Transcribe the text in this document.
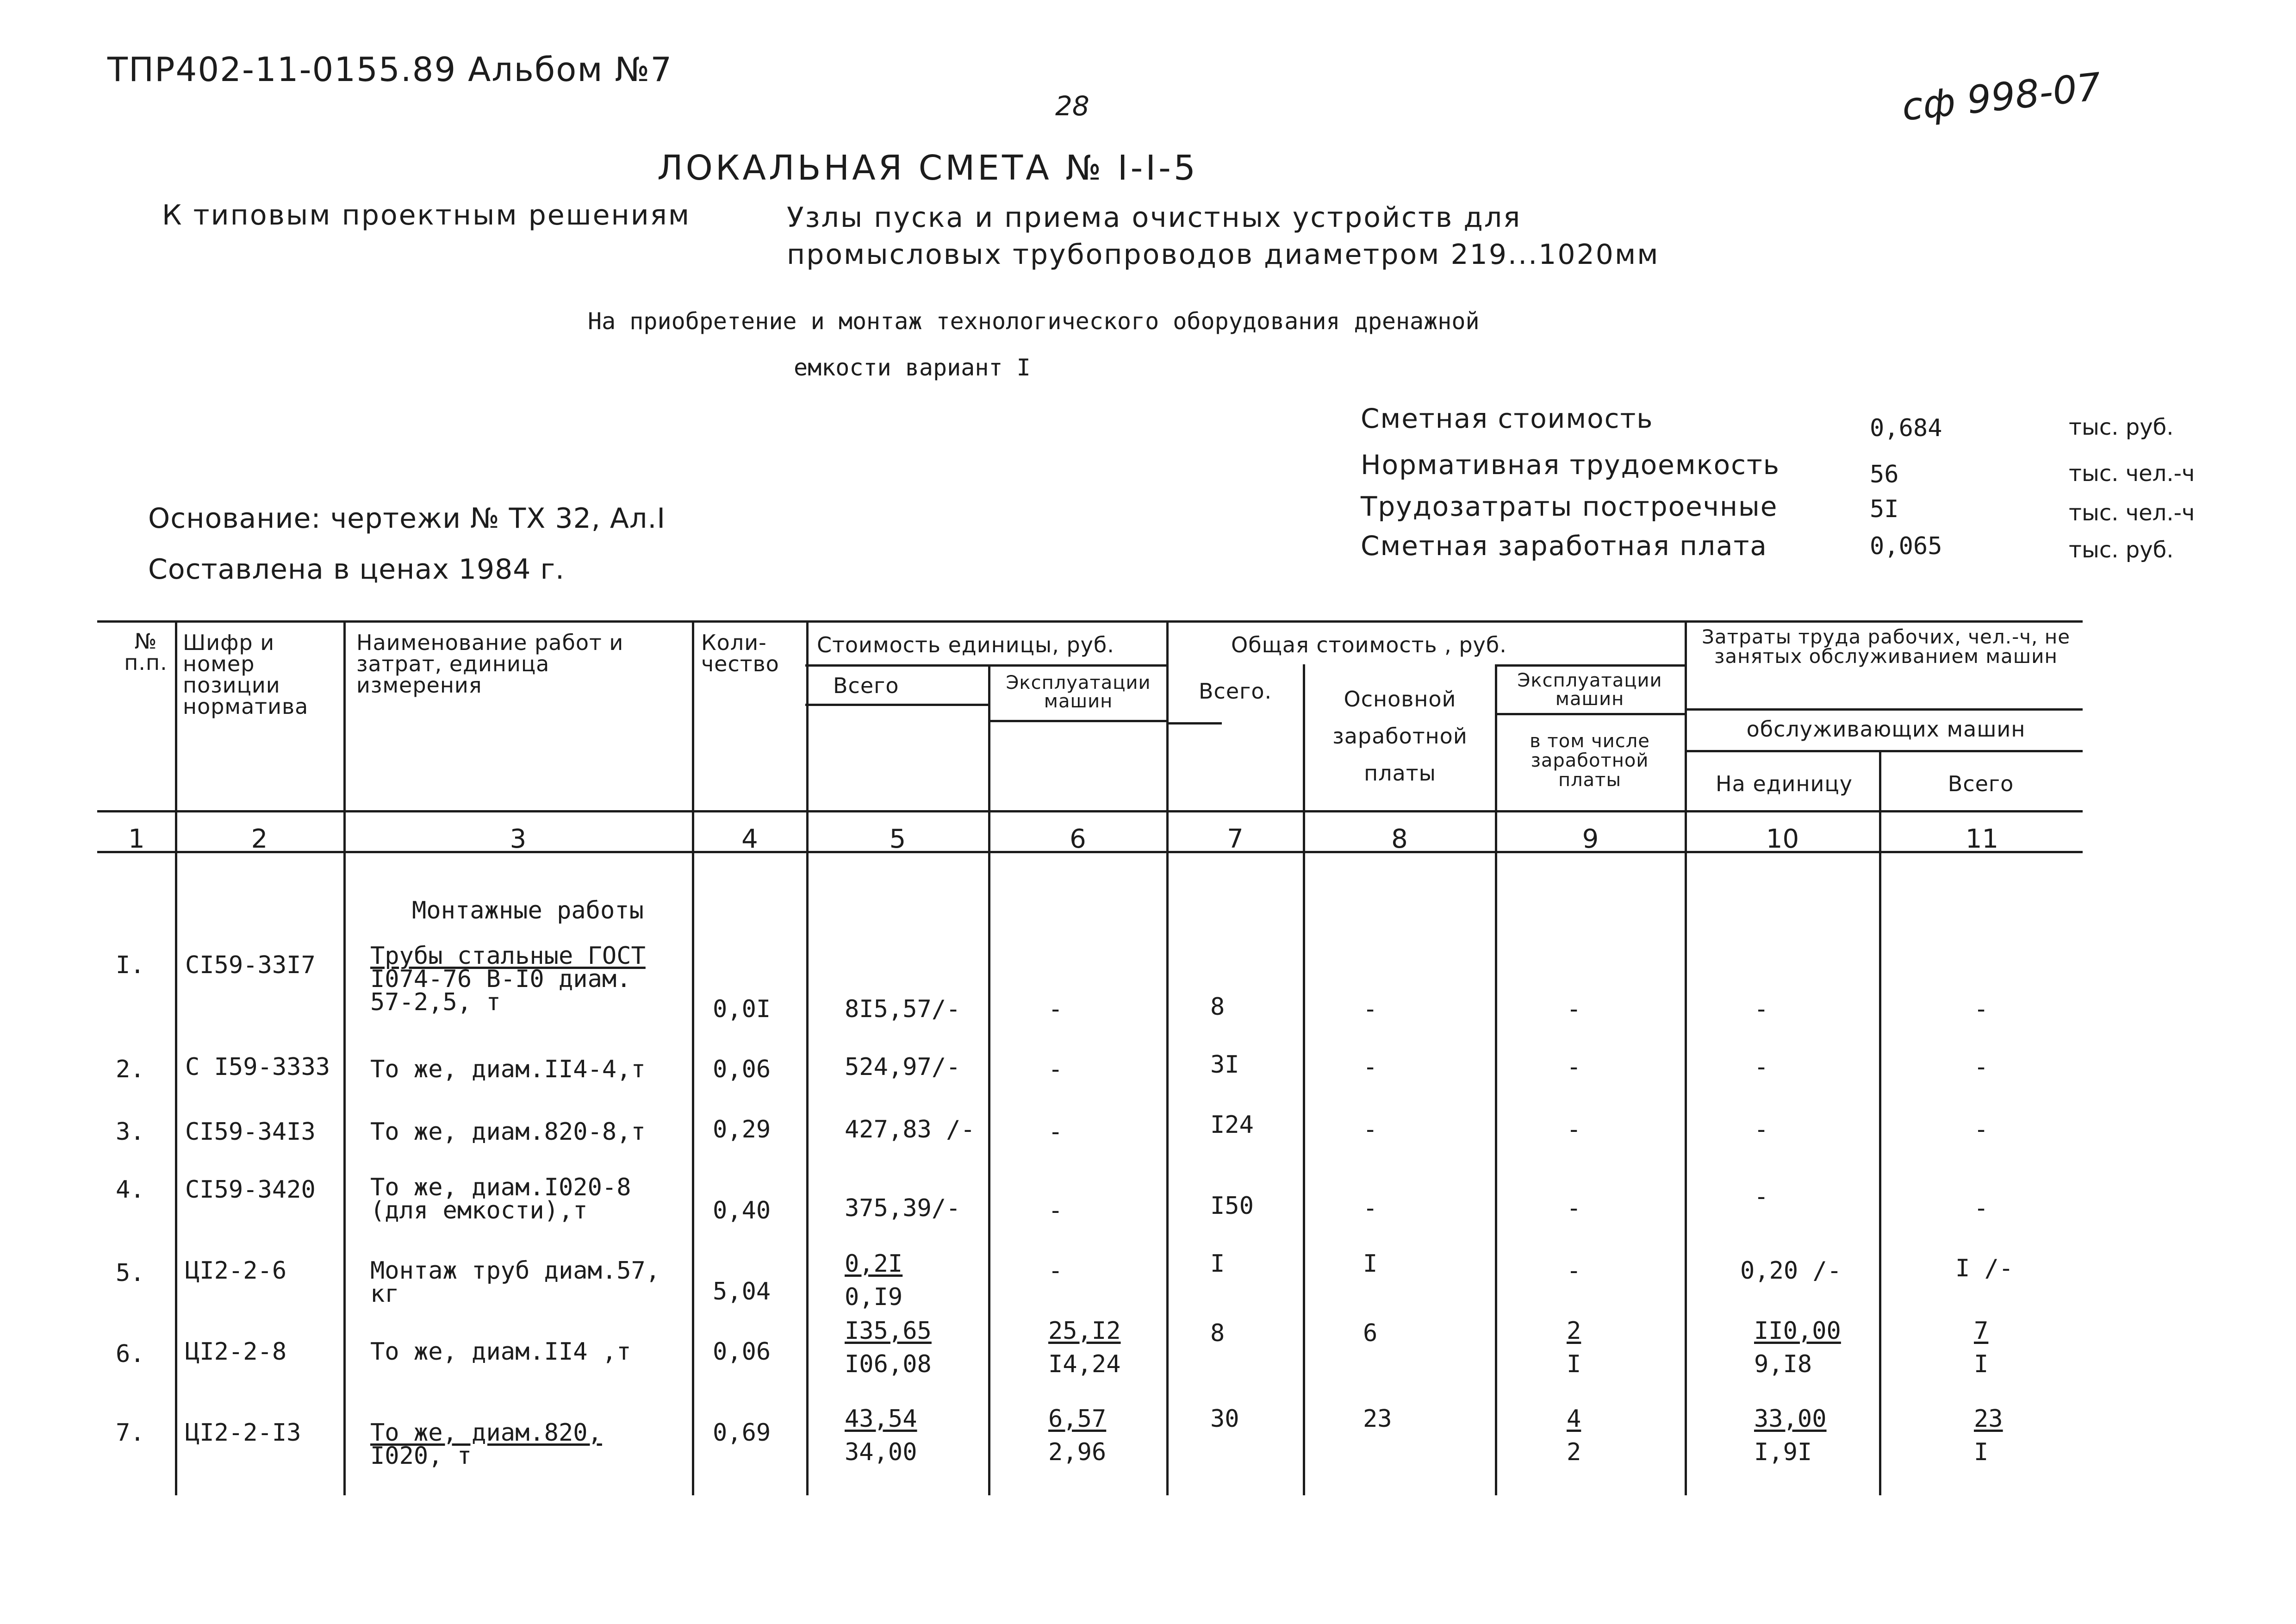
ТПР402-11-0155.89 Альбом №7
28	сф 998-07
ЛОКАЛЬНАЯ СМЕТА № I-I-5
К типовым проектным решениям	Узлы пуска и приема очистных устройств для
промысловых трубопроводов диаметром 219...1020мм
На приобретение и монтаж технологического оборудования дренажной
емкости вариант I
Сметная стоимость	0,684	тыс. руб.
Нормативная трудоемкость	56	тыс. чел.-ч
Трудозатраты построечные	5I	тыс. чел.-ч
Сметная заработная плата	0,065	тыс. руб.
Основание: чертежи № ТХ 32, Ал.I
Составлена в ценах 1984 г.
№ п.п.
Шифр и номер позиции норматива
Наименование работ и затрат, единица измерения
Коли- чество
Стоимость единицы, руб.
Всего	Эксплуатации машин
Общая стоимость , руб.
Всего.	Основной заработной платы
Эксплуатации машин
в том числе заработной платы
Затраты труда рабочих, чел.-ч, не занятых обслуживанием машин
обслуживающих машин
На единицу	Всего
1	2	3	4	5	6	7	8	9	10	11
Монтажные работы
I. CI59-33I7 Трубы стальные ГОСТ
I074-76 В-I0 диам.
57-2,5, т	0,0I	8I5,57/-	-	8	-	-	-	-
2. С I59-3333 То же, диам.II4-4,т	0,06	524,97/-	-	3I	-	-	-	-
3. CI59-34I3 То же, диам.820-8,т	0,29	427,83 /-	-	I24	-	-	-	-
4. CI59-3420 То же, диам.I020-8
(для емкости),т	0,40	375,39/-	-	I50	-	-	-	-
5. ЦI2-2-6	Монтаж труб диам.57,
кг	5,04	$\frac{0,2I}{0,I9}$	-	I	I	-	0,20 /-	I /-
6. ЦI2-2-8	То же, диам.II4 ,т	0,06	$\frac{I35,65}{I06,08}$	$\frac{25,I2}{I4,24}$	8	6	$\frac{2}{I}$	$\frac{II0,00}{9,I8}$	$\frac{7}{I}$
7. ЦI2-2-I3	То же, диам.820,
I020, т
0,69	$\frac{43,54}{34,00}$	$\frac{6,57}{2,96}$	30	23	$\frac{4}{2}$	$\frac{33,00}{I,9I}$	$\frac{23}{I}$
